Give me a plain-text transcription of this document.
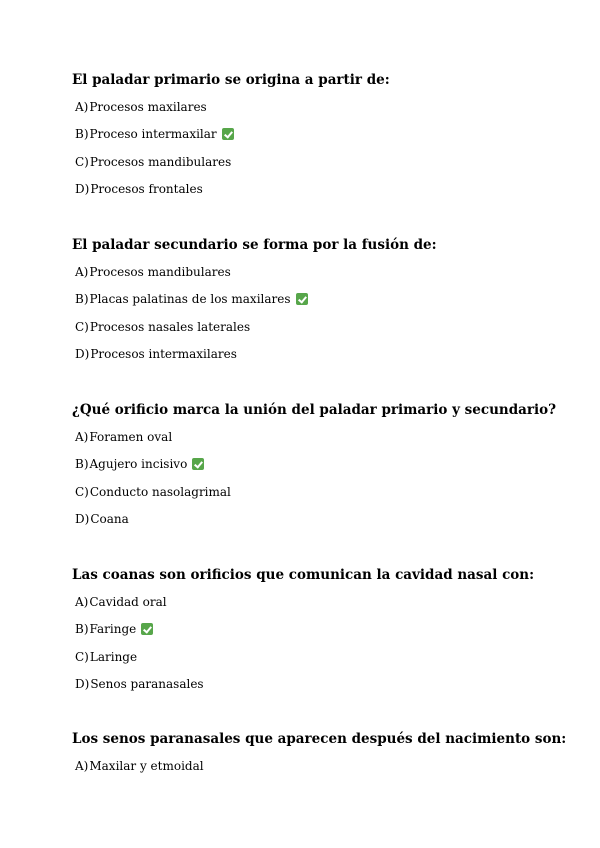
El paladar primario se origina a partir de:
A) Procesos maxilares
B) Proceso intermaxilar
C) Procesos mandibulares
D) Procesos frontales
El paladar secundario se forma por la fusión de:
A) Procesos mandibulares
B) Placas palatinas de los maxilares
C) Procesos nasales laterales
D) Procesos intermaxilares
¿Qué orificio marca la unión del paladar primario y secundario?
A) Foramen oval
B) Agujero incisivo
C) Conducto nasolagrimal
D) Coana
Las coanas son orificios que comunican la cavidad nasal con:
A) Cavidad oral
B) Faringe
C) Laringe
D) Senos paranasales
Los senos paranasales que aparecen después del nacimiento son:
A) Maxilar y etmoidal
